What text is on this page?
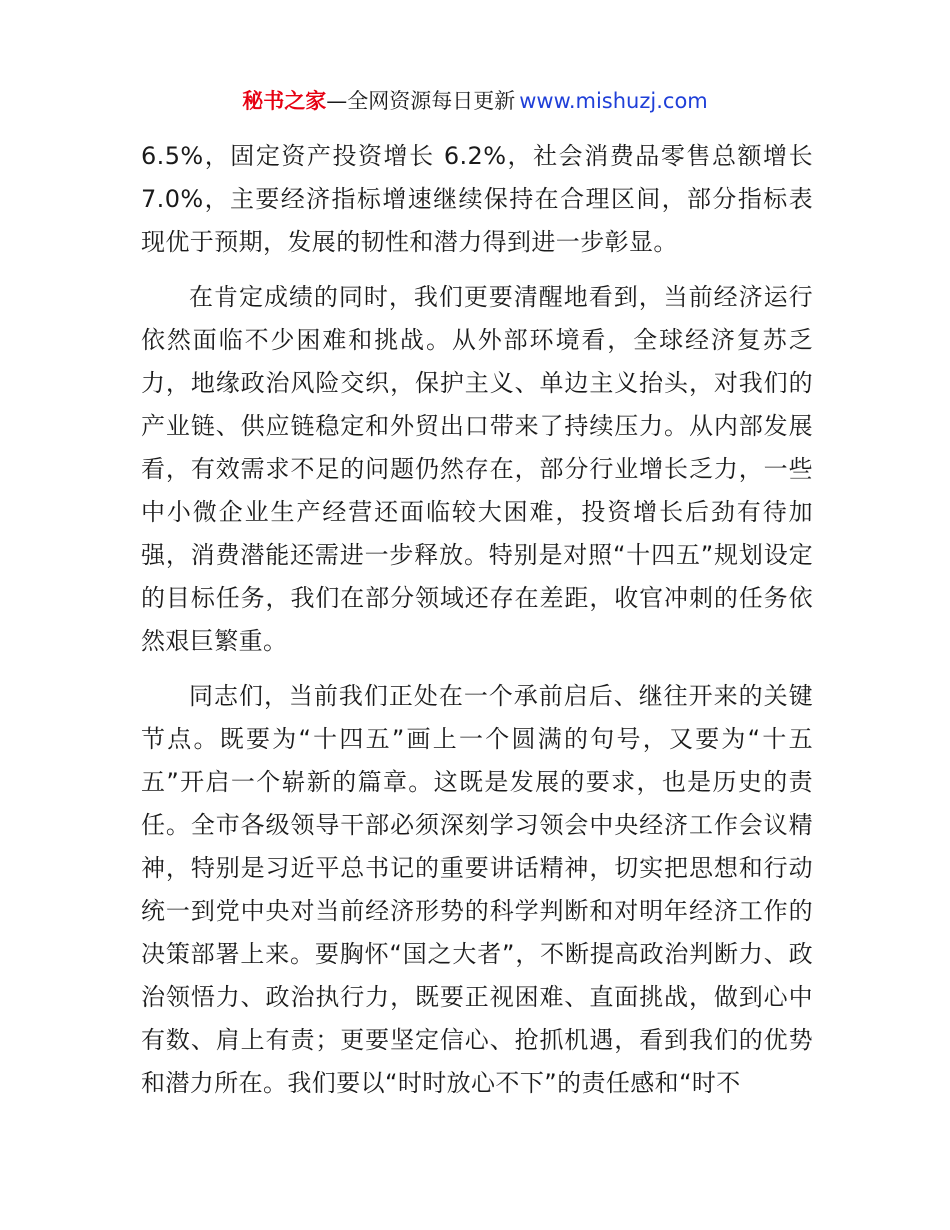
秘书之家—全网资源每日更新 www.mishuzj.com

6.5%，固定资产投资增长 6.2%，社会消费品零售总额增长7.0%，主要经济指标增速继续保持在合理区间，部分指标表现优于预期，发展的韧性和潜力得到进一步彰显。

在肯定成绩的同时，我们更要清醒地看到，当前经济运行依然面临不少困难和挑战。从外部环境看，全球经济复苏乏力，地缘政治风险交织，保护主义、单边主义抬头，对我们的产业链、供应链稳定和外贸出口带来了持续压力。从内部发展看，有效需求不足的问题仍然存在，部分行业增长乏力，一些中小微企业生产经营还面临较大困难，投资增长后劲有待加强，消费潜能还需进一步释放。特别是对照“十四五”规划设定的目标任务，我们在部分领域还存在差距，收官冲刺的任务依然艰巨繁重。

同志们，当前我们正处在一个承前启后、继往开来的关键节点。既要为“十四五”画上一个圆满的句号，又要为“十五五”开启一个崭新的篇章。这既是发展的要求，也是历史的责任。全市各级领导干部必须深刻学习领会中央经济工作会议精神，特别是习近平总书记的重要讲话精神，切实把思想和行动统一到党中央对当前经济形势的科学判断和对明年经济工作的决策部署上来。要胸怀“国之大者”，不断提高政治判断力、政治领悟力、政治执行力，既要正视困难、直面挑战，做到心中有数、肩上有责；更要坚定信心、抢抓机遇，看到我们的优势和潜力所在。我们要以“时时放心不下”的责任感和“时不
